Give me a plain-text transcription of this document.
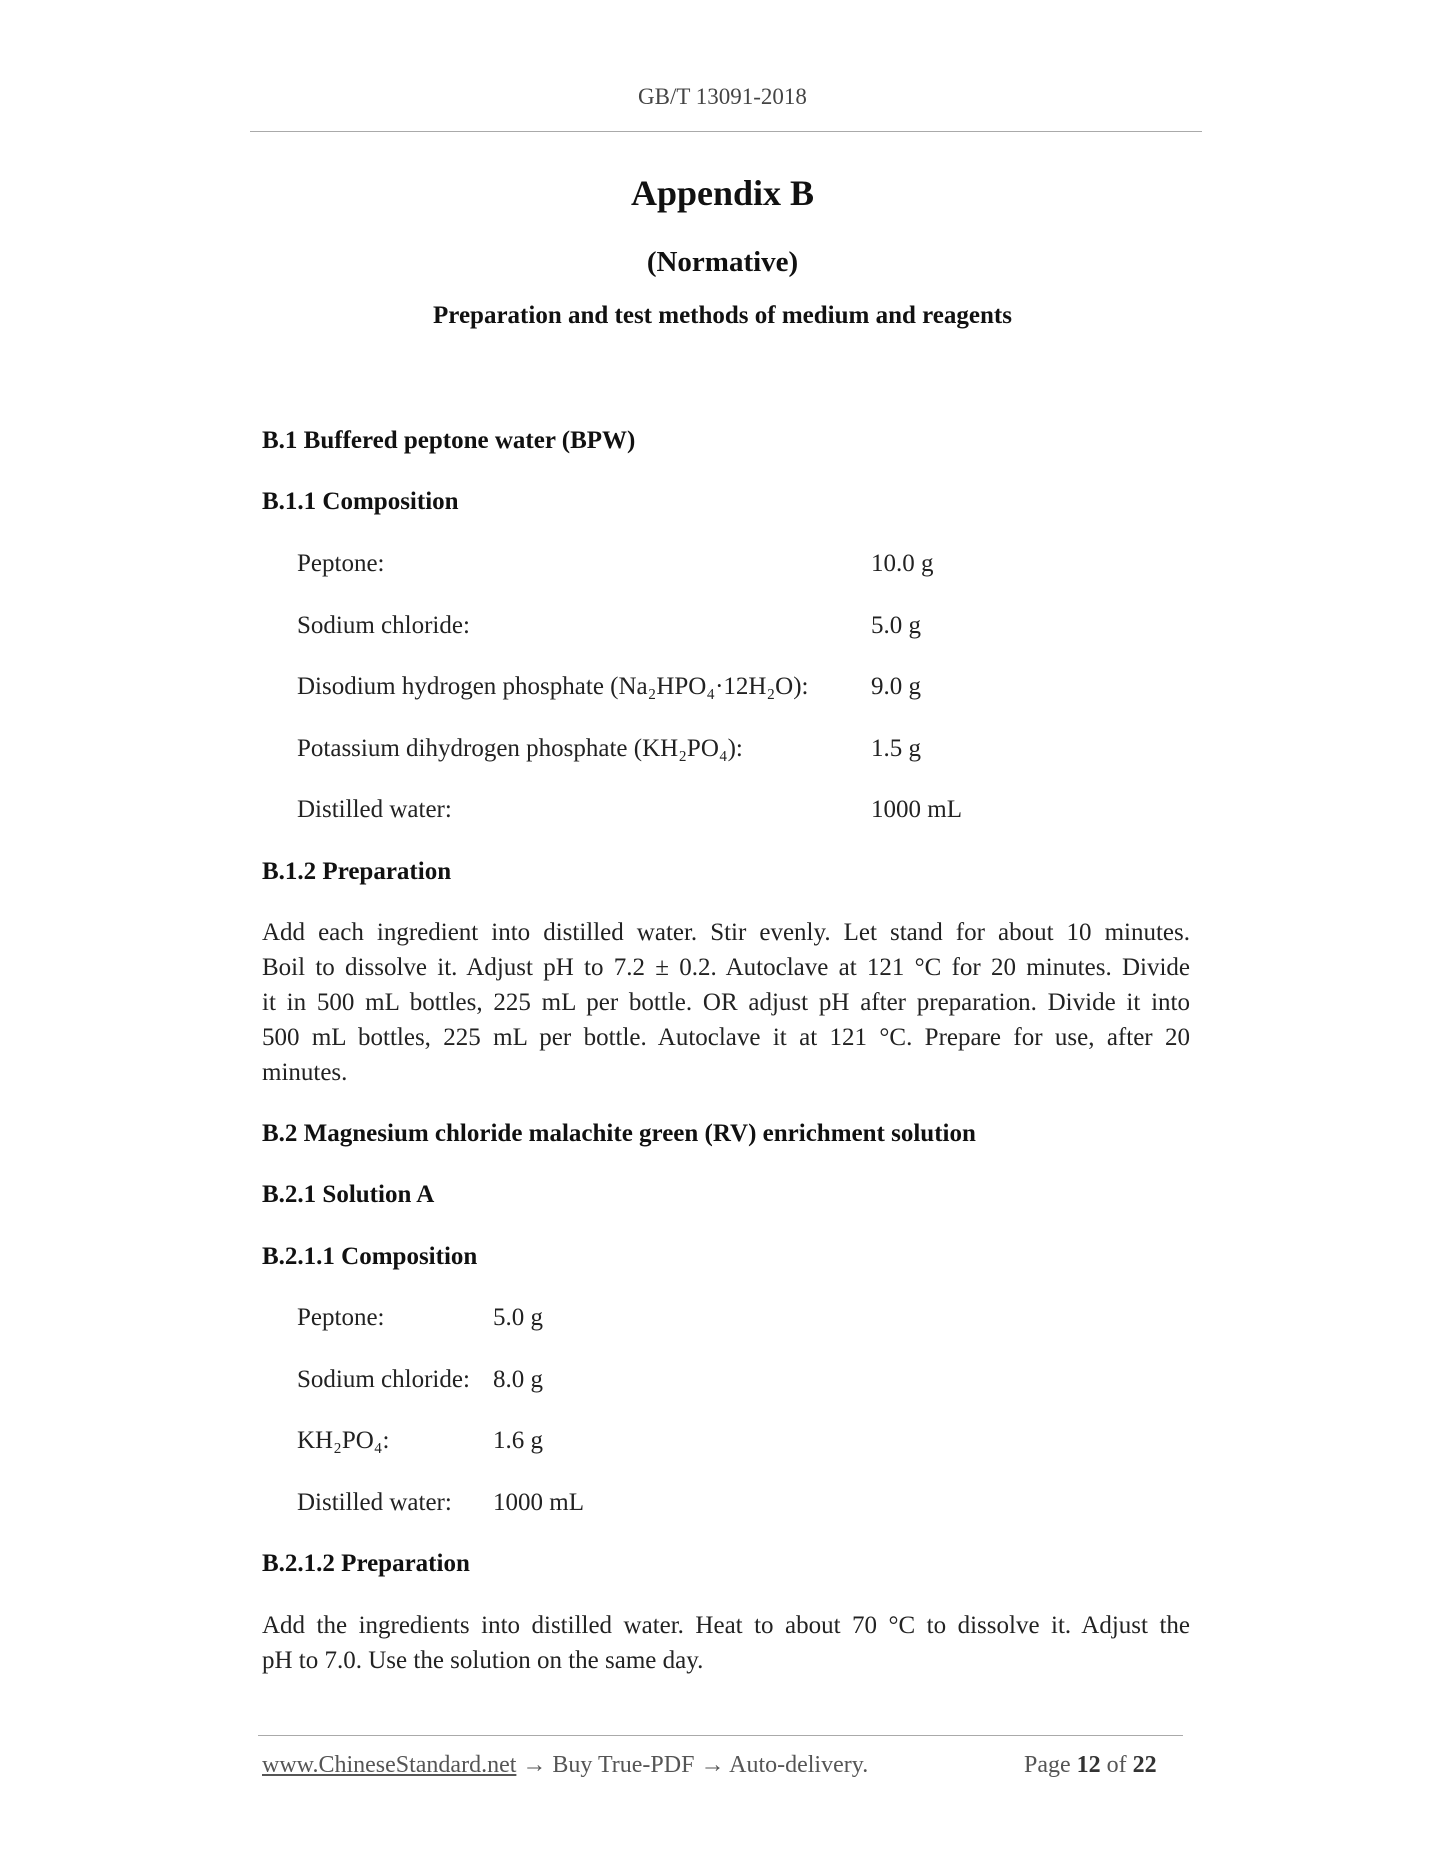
GB/T 13091-2018
Appendix B
(Normative)
Preparation and test methods of medium and reagents
B.1 Buffered peptone water (BPW)
B.1.1 Composition
Peptone:	10.0 g
Sodium chloride:	5.0 g
Disodium hydrogen phosphate (Na₂HPO₄·12H₂O):	9.0 g
Potassium dihydrogen phosphate (KH₂PO₄):	1.5 g
Distilled water:	1000 mL
B.1.2 Preparation
Add each ingredient into distilled water. Stir evenly. Let stand for about 10 minutes.
Boil to dissolve it. Adjust pH to 7.2 ± 0.2. Autoclave at 121 °C for 20 minutes. Divide
it in 500 mL bottles, 225 mL per bottle. OR adjust pH after preparation. Divide it into
500 mL bottles, 225 mL per bottle. Autoclave it at 121 °C. Prepare for use, after 20
minutes.
B.2 Magnesium chloride malachite green (RV) enrichment solution
B.2.1 Solution A
B.2.1.1 Composition
Peptone:	5.0 g
Sodium chloride: 8.0 g
KH₂PO₄:	1.6 g
Distilled water: 1000 mL
B.2.1.2 Preparation
Add the ingredients into distilled water. Heat to about 70 °C to dissolve it. Adjust the
pH to 7.0. Use the solution on the same day.
www.ChineseStandard.net → Buy True-PDF → Auto-delivery.	Page 12 of 22
